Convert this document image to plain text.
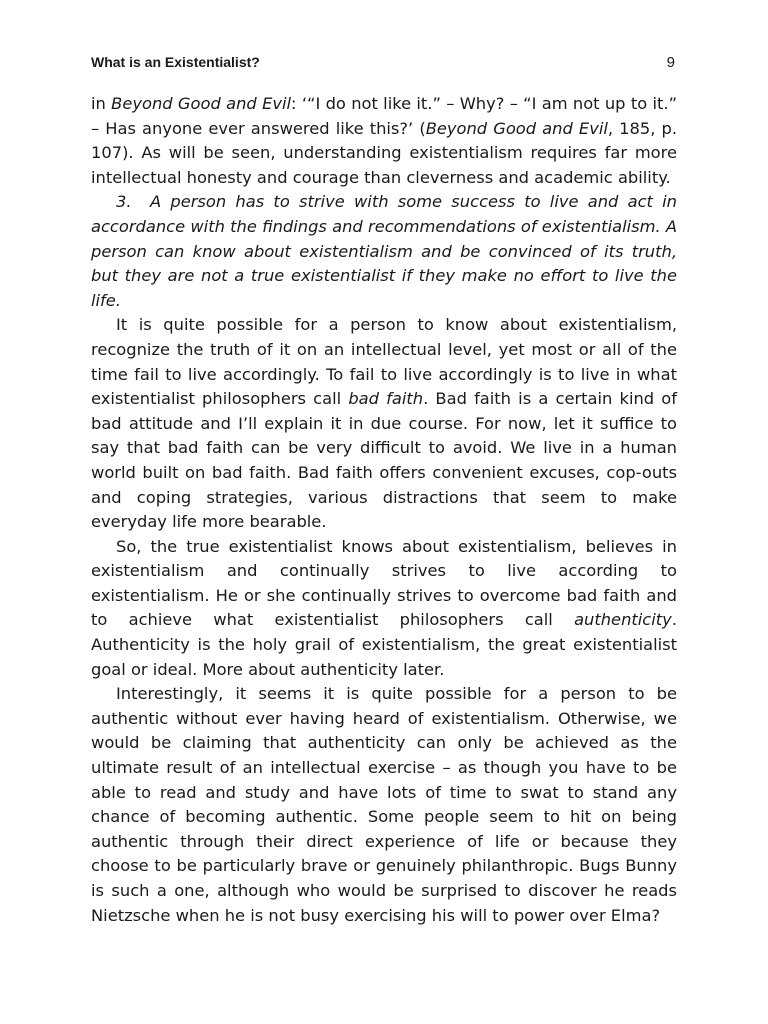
What is an Existentialist?	9

in Beyond Good and Evil: ‘“I do not like it.” – Why? – “I am not up to it.” – Has anyone ever answered like this?’ (Beyond Good and Evil, 185, p. 107). As will be seen, understanding existentialism requires far more intellectual honesty and courage than cleverness and academic ability.

3.  A person has to strive with some success to live and act in accordance with the findings and recommendations of existentialism. A person can know about existentialism and be convinced of its truth, but they are not a true existentialist if they make no effort to live the life.

It is quite possible for a person to know about existentialism, recognize the truth of it on an intellectual level, yet most or all of the time fail to live accordingly. To fail to live accordingly is to live in what existentialist philosophers call bad faith. Bad faith is a certain kind of bad attitude and I’ll explain it in due course. For now, let it suffice to say that bad faith can be very difficult to avoid. We live in a human world built on bad faith. Bad faith offers convenient excuses, cop-outs and coping strategies, various distractions that seem to make everyday life more bearable.

So, the true existentialist knows about existentialism, believes in existentialism and continually strives to live according to existentialism. He or she continually strives to overcome bad faith and to achieve what existentialist philosophers call authenticity. Authenticity is the holy grail of existentialism, the great existentialist goal or ideal. More about authenticity later.

Interestingly, it seems it is quite possible for a person to be authentic without ever having heard of existentialism. Otherwise, we would be claiming that authenticity can only be achieved as the ultimate result of an intellectual exercise – as though you have to be able to read and study and have lots of time to swat to stand any chance of becoming authentic. Some people seem to hit on being authentic through their direct experience of life or because they choose to be particularly brave or genuinely philanthropic. Bugs Bunny is such a one, although who would be surprised to discover he reads Nietzsche when he is not busy exercising his will to power over Elma?
